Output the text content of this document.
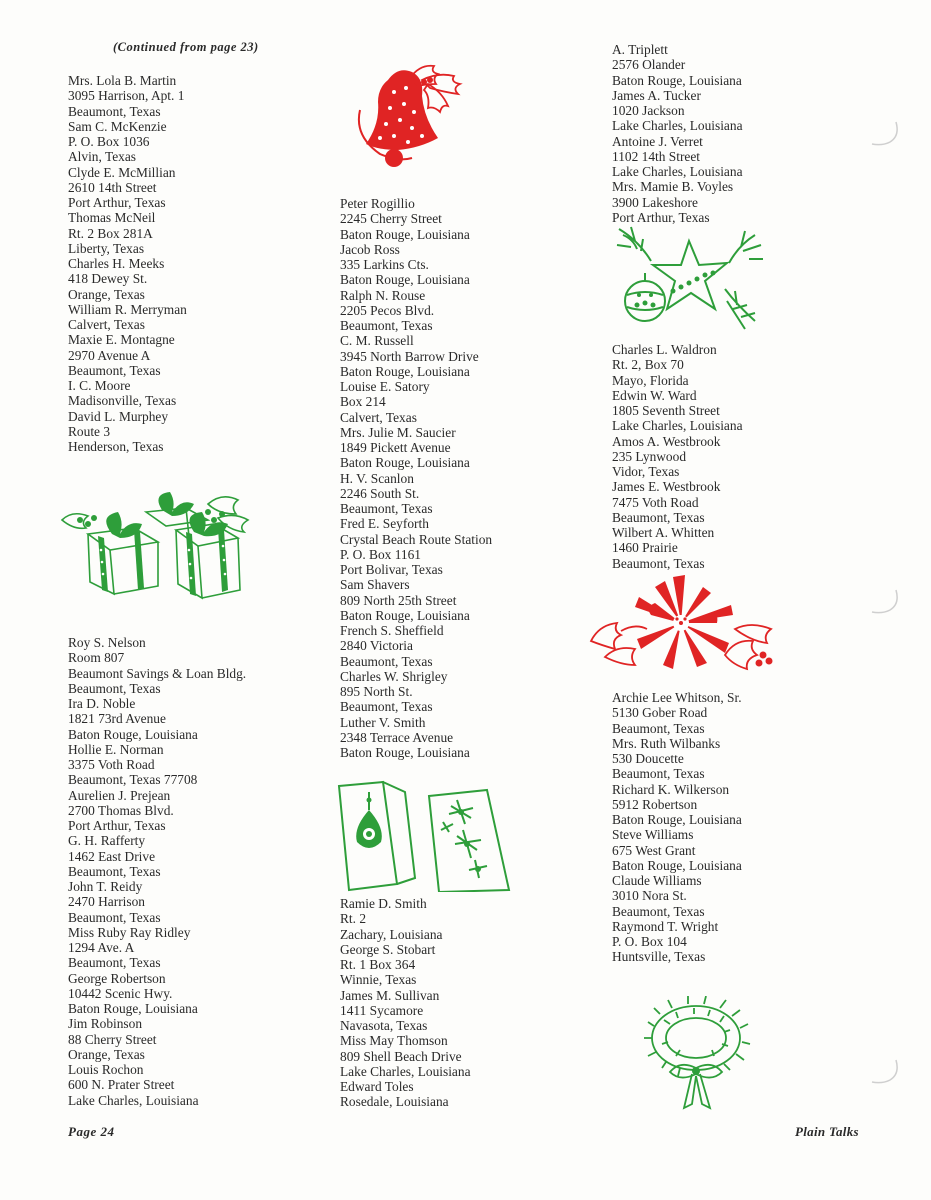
(Continued from page 23)
Mrs. Lola B. Martin
3095 Harrison, Apt. 1
Beaumont, Texas
Sam C. McKenzie
P. O. Box 1036
Alvin, Texas
Clyde E. McMillian
2610 14th Street
Port Arthur, Texas
Thomas McNeil
Rt. 2 Box 281A
Liberty, Texas
Charles H. Meeks
418 Dewey St.
Orange, Texas
William R. Merryman
Calvert, Texas
Maxie E. Montagne
2970 Avenue A
Beaumont, Texas
I. C. Moore
Madisonville, Texas
David L. Murphey
Route 3
Henderson, Texas
Roy S. Nelson
Room 807
Beaumont Savings & Loan Bldg.
Beaumont, Texas
Ira D. Noble
1821 73rd Avenue
Baton Rouge, Louisiana
Hollie E. Norman
3375 Voth Road
Beaumont, Texas 77708
Aurelien J. Prejean
2700 Thomas Blvd.
Port Arthur, Texas
G. H. Rafferty
1462 East Drive
Beaumont, Texas
John T. Reidy
2470 Harrison
Beaumont, Texas
Miss Ruby Ray Ridley
1294 Ave. A
Beaumont, Texas
George Robertson
10442 Scenic Hwy.
Baton Rouge, Louisiana
Jim Robinson
88 Cherry Street
Orange, Texas
Louis Rochon
600 N. Prater Street
Lake Charles, Louisiana
Peter Rogillio
2245 Cherry Street
Baton Rouge, Louisiana
Jacob Ross
335 Larkins Cts.
Baton Rouge, Louisiana
Ralph N. Rouse
2205 Pecos Blvd.
Beaumont, Texas
C. M. Russell
3945 North Barrow Drive
Baton Rouge, Louisiana
Louise E. Satory
Box 214
Calvert, Texas
Mrs. Julie M. Saucier
1849 Pickett Avenue
Baton Rouge, Louisiana
H. V. Scanlon
2246 South St.
Beaumont, Texas
Fred E. Seyforth
Crystal Beach Route Station
P. O. Box 1161
Port Bolivar, Texas
Sam Shavers
809 North 25th Street
Baton Rouge, Louisiana
French S. Sheffield
2840 Victoria
Beaumont, Texas
Charles W. Shrigley
895 North St.
Beaumont, Texas
Luther V. Smith
2348 Terrace Avenue
Baton Rouge, Louisiana
Ramie D. Smith
Rt. 2
Zachary, Louisiana
George S. Stobart
Rt. 1 Box 364
Winnie, Texas
James M. Sullivan
1411 Sycamore
Navasota, Texas
Miss May Thomson
809 Shell Beach Drive
Lake Charles, Louisiana
Edward Toles
Rosedale, Louisiana
A. Triplett
2576 Olander
Baton Rouge, Louisiana
James A. Tucker
1020 Jackson
Lake Charles, Louisiana
Antoine J. Verret
1102 14th Street
Lake Charles, Louisiana
Mrs. Mamie B. Voyles
3900 Lakeshore
Port Arthur, Texas
Charles L. Waldron
Rt. 2, Box 70
Mayo, Florida
Edwin W. Ward
1805 Seventh Street
Lake Charles, Louisiana
Amos A. Westbrook
235 Lynwood
Vidor, Texas
James E. Westbrook
7475 Voth Road
Beaumont, Texas
Wilbert A. Whitten
1460 Prairie
Beaumont, Texas
Archie Lee Whitson, Sr.
5130 Gober Road
Beaumont, Texas
Mrs. Ruth Wilbanks
530 Doucette
Beaumont, Texas
Richard K. Wilkerson
5912 Robertson
Baton Rouge, Louisiana
Steve Williams
675 West Grant
Baton Rouge, Louisiana
Claude Williams
3010 Nora St.
Beaumont, Texas
Raymond T. Wright
P. O. Box 104
Huntsville, Texas
Page 24	Plain Talks
